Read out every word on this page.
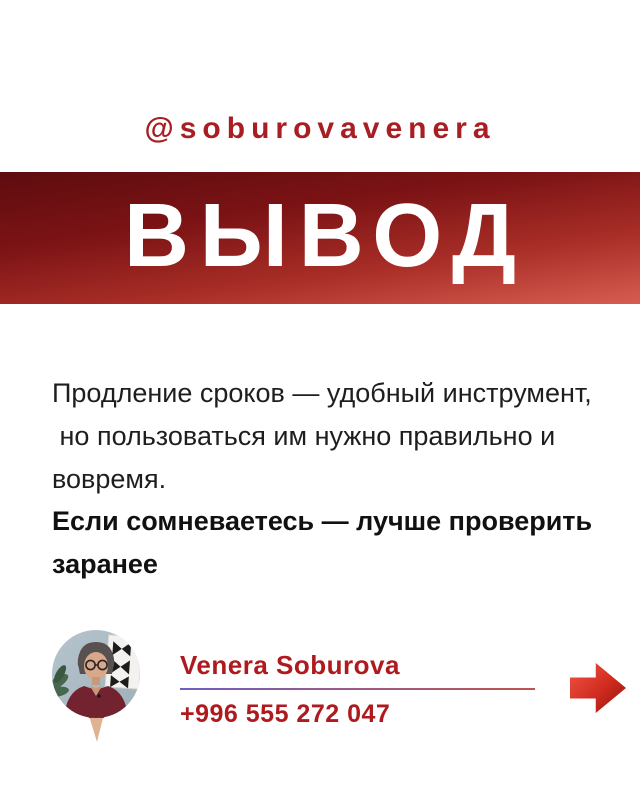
@soburovavenera
ВЫВОД
Продление сроков — удобный инструмент,
но пользоваться им нужно правильно и
вовремя.
Если сомневаетесь — лучше проверить
заранее
Venera Soburova
+996 555 272 047
